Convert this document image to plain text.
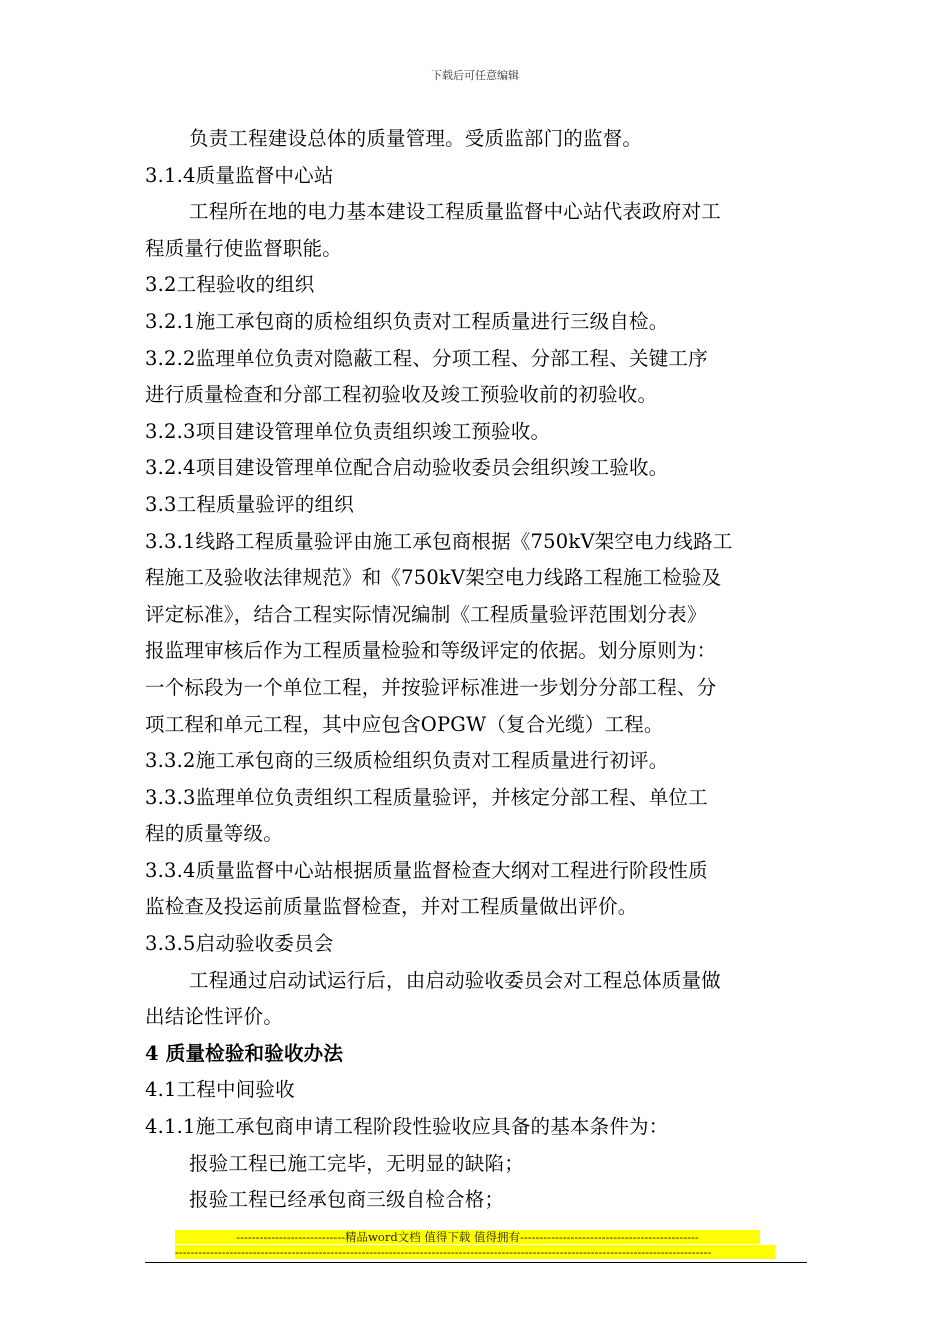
下载后可任意编辑
负责工程建设总体的质量管理。受质监部门的监督。
3.1.4质量监督中心站
工程所在地的电力基本建设工程质量监督中心站代表政府对工
程质量行使监督职能。
3.2工程验收的组织
3.2.1施工承包商的质检组织负责对工程质量进行三级自检。
3.2.2监理单位负责对隐蔽工程、分项工程、分部工程、关键工序
进行质量检查和分部工程初验收及竣工预验收前的初验收。
3.2.3项目建设管理单位负责组织竣工预验收。
3.2.4项目建设管理单位配合启动验收委员会组织竣工验收。
3.3工程质量验评的组织
3.3.1线路工程质量验评由施工承包商根据《750kV架空电力线路工
程施工及验收法律规范》和《750kV架空电力线路工程施工检验及
评定标准》，结合工程实际情况编制《工程质量验评范围划分表》
报监理审核后作为工程质量检验和等级评定的依据。划分原则为：
一个标段为一个单位工程，并按验评标准进一步划分分部工程、分
项工程和单元工程，其中应包含OPGW（复合光缆）工程。
3.3.2施工承包商的三级质检组织负责对工程质量进行初评。
3.3.3监理单位负责组织工程质量验评，并核定分部工程、单位工
程的质量等级。
3.3.4质量监督中心站根据质量监督检查大纲对工程进行阶段性质
监检查及投运前质量监督检查，并对工程质量做出评价。
3.3.5启动验收委员会
工程通过启动试运行后，由启动验收委员会对工程总体质量做
出结论性评价。
4 质量检验和验收办法
4.1工程中间验收
4.1.1施工承包商申请工程阶段性验收应具备的基本条件为：
报验工程已施工完毕，无明显的缺陷；
报验工程已经承包商三级自检合格；
----------------------------精品word文档 值得下载 值得拥有----------------------------------------------
------------------------------------------------------------------------------------------------------------------------------------------
